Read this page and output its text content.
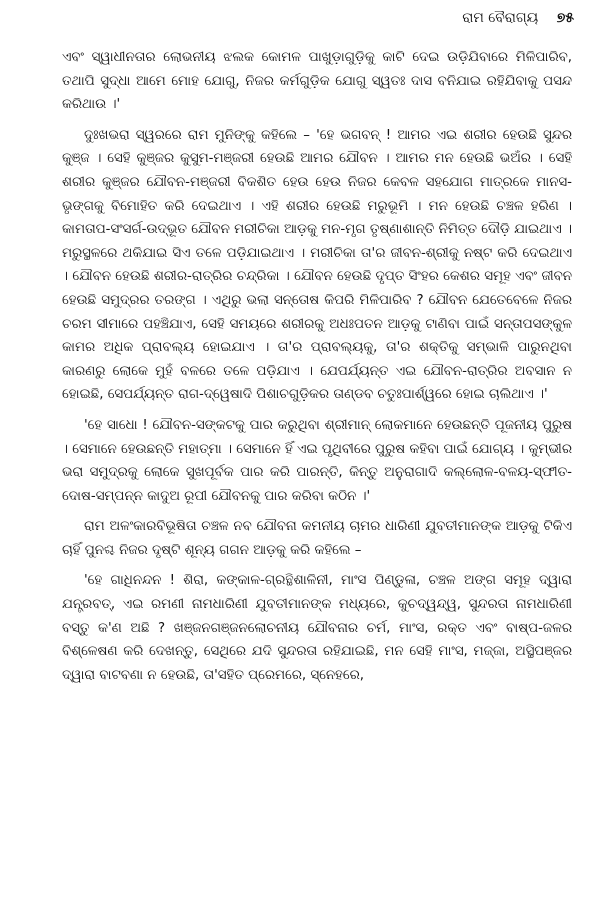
ରାମ ବୈରାଗ୍ୟ ୭୫

ଏବଂ ସ୍ୱାଧୀନତାର ଲୋଭନୀୟ ଝଲକ କୋମଳ ପାଖୁଡ଼ାଗୁଡ଼ିକୁ କାଟି ଦେଇ ଉଡ଼ିଯିବାରେ ମିଳିପାରିବ, ତଥାପି ସୁଦ୍ଧା ଆମେ ମୋହ ଯୋଗୁ, ନିଜର କର୍ମଗୁଡ଼ିକ ଯୋଗୁ ସ୍ୱତଃ ଦାସ ବନିଯାଇ ରହିଯିବାକୁ ପସନ୍ଦ କରିଥାଉ ।'

ଦୁଃଖଭରା ସ୍ୱରରେ ରାମ ମୁନିଙ୍କୁ କହିଲେ – 'ହେ ଭଗବନ୍ ! ଆମର ଏଇ ଶରୀର ହେଉଛି ସୁନ୍ଦର କୁଞ୍ଜ । ସେହି କୁଞ୍ଜର କୁସୁମ-ମଞ୍ଜରୀ ହେଉଛି ଆମର ଯୌବନ । ଆମର ମନ ହେଉଛି ଭଅଁର । ସେହି ଶରୀର କୁଞ୍ଜର ଯୌବନ-ମଞ୍ଜରୀ ବିକଶିତ ହେଉ ହେଉ ନିଜର କେବଳ ସହଯୋଗ ମାତ୍ରକେ ମାନସ-ଭୃଙ୍ଗକୁ ବିମୋହିତ କରି ଦେଇଥାଏ । ଏହି ଶରୀର ହେଉଛି ମରୁଭୂମି । ମନ ହେଉଛି ଚଞ୍ଚଳ ହରିଣ । କାମତାପ-ସଂସର୍ଗ-ଉଦ୍ଭୂତ ଯୌବନ ମରୀଚିକା ଆଡ଼କୁ ମନ-ମୃଗ ତୃଷ୍ଣାଶାନ୍ତି ନିମିତ୍ତ ଦୌଡ଼ି ଯାଇଥାଏ । ମରୁସ୍ଥଳରେ ଥକିଯାଇ ସିଏ ତଳେ ପଡ଼ିଯାଇଥାଏ । ମରୀଚିକା ତା'ର ଜୀବନ-ଶ୍ରୀକୁ ନଷ୍ଟ କରି ଦେଇଥାଏ । ଯୌବନ ହେଉଛି ଶରୀର-ରାତ୍ରିର ଚନ୍ଦ୍ରିକା । ଯୌବନ ହେଉଛି ଦୃପ୍ତ ସିଂହର କେଶର ସମୂହ ଏବଂ ଜୀବନ ହେଉଛି ସମୁଦ୍ରର ତରଙ୍ଗ । ଏଥିରୁ ଭଲା ସନ୍ତୋଷ କିପରି ମିଳିପାରିବ ? ଯୌବନ ଯେତେବେଳେ ନିଜର ଚରମ ସୀମାରେ ପହଞ୍ଚିଯାଏ, ସେହି ସମୟରେ ଶରୀରକୁ ଅଧଃପତନ ଆଡ଼କୁ ଟାଣିବା ପାଇଁ ସନ୍ତାପସଙ୍କୁଳ କାମର ଅଧିକ ପ୍ରାବଲ୍ୟ ହୋଇଯାଏ । ତା'ର ପ୍ରାବଲ୍ୟକୁ, ତା'ର ଶକ୍ତିକୁ ସମ୍ଭାଳି ପାରୁନଥିବା କାରଣରୁ ଲୋକେ ମୁହଁ ବଳରେ ତଳେ ପଡ଼ିଯାଏ । ଯେପର୍ଯ୍ୟନ୍ତ ଏଇ ଯୌବନ-ରାତ୍ରିର ଅବସାନ ନ ହୋଇଛି, ସେପର୍ଯ୍ୟନ୍ତ ରାଗ-ଦ୍ୱେଷାଦି ପିଶାଚଗୁଡ଼ିକର ତାଣ୍ଡବ ଚତୁଃପାର୍ଶ୍ୱରେ ହୋଇ ଚାଲିଥାଏ ।'

'ହେ ସାଧୋ ! ଯୌବନ-ସଙ୍କଟକୁ ପାର କରୁଥିବା ଶ୍ରୀମାନ୍ ଲୋକମାନେ ହେଉଛନ୍ତି ପୂଜନୀୟ ପୁରୁଷ । ସେମାନେ ହେଉଛନ୍ତି ମହାତ୍ମା । ସେମାନେ ହିଁ ଏଇ ପୃଥିବୀରେ ପୁରୁଷ କହିବା ପାଇଁ ଯୋଗ୍ୟ । କୁମ୍ଭୀର ଭରା ସମୁଦ୍ରକୁ ଲୋକେ ସୁଖପୂର୍ବକ ପାର କରି ପାରନ୍ତି, କିନ୍ତୁ ଅନୁରାଗାଦି କଲ୍ଲୋଳ-ବଳୟ-ସ୍ଫୀତ-ଦୋଷ-ସମ୍ପନ୍ନ କାଦୁଅ ରୂପୀ ଯୌବନକୁ ପାର କରିବା କଠିନ ।'

ରାମ ଅଳଂକାରବିଭୂଷିତା ଚଞ୍ଚଳ ନବ ଯୌବନା କମନୀୟ ଚାମର ଧାରିଣୀ ଯୁବତୀମାନଙ୍କ ଆଡ଼କୁ ଟିକିଏ ଚାହିଁ ପୁନଶ୍ଚ ନିଜର ଦୃଷ୍ଟି ଶୂନ୍ୟ ଗଗନ ଆଡ଼କୁ କରି କହିଲେ –

'ହେ ଗାଧିନନ୍ଦନ ! ଶିରା, କଙ୍କାଳ-ଗ୍ରନ୍ଥିଶାଳିନୀ, ମାଂସ ପିଣ୍ଡୁଳା, ଚଞ୍ଚଳ ଅଙ୍ଗ ସମୂହ ଦ୍ୱାରା ଯନ୍ତ୍ରବତ୍, ଏଇ ରମଣୀ ନାମଧାରିଣୀ ଯୁବତୀମାନଙ୍କ ମଧ୍ୟରେ, କୁଚଦ୍ୱନ୍ଦ୍ୱ, ସୁନ୍ଦରତା ନାମଧାରିଣୀ ବସ୍ତୁ କ'ଣ ଅଛି ? ଖଞ୍ଜନଗଞ୍ଜନଲୋଚନୀୟ ଯୌବନାର ଚର୍ମ, ମାଂସ, ରକ୍ତ ଏବଂ ବାଷ୍ପ-ଜଳର ବିଶ୍ଳେଷଣ କରି ଦେଖନ୍ତୁ, ସେଥିରେ ଯଦି ସୁନ୍ଦରତା ରହିଯାଇଛି, ମନ ସେହି ମାଂସ, ମଜ୍ଜା, ଅସ୍ଥିପଞ୍ଜର ଦ୍ୱାରା ବାଟବଣା ନ ହେଉଛି, ତା'ସହିତ ପ୍ରେମରେ, ସ୍ନେହରେ,
